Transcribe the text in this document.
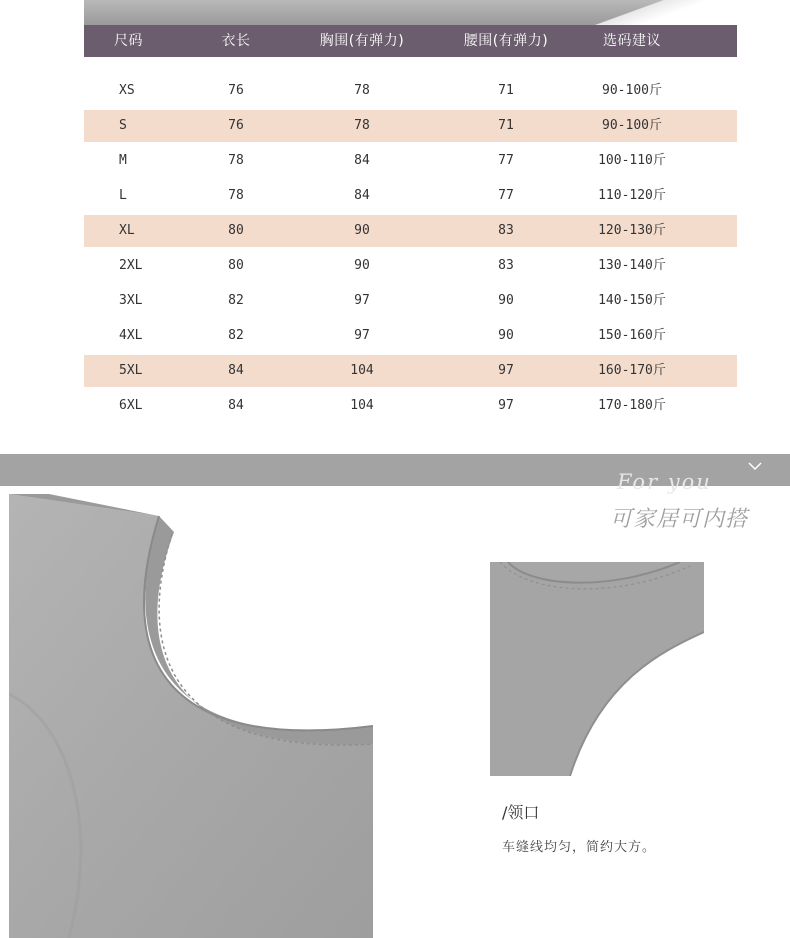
尺码	衣长	胸围(有弹力)	腰围(有弹力)	选码建议
XS	76	78	71	90-100斤
S	76	78	71	90-100斤
M	78	84	77	100-110斤
L	78	84	77	110-120斤
XL	80	90	83	120-130斤
2XL	80	90	83	130-140斤
3XL	82	97	90	140-150斤
4XL	82	97	90	150-160斤
5XL	84	104	97	160-170斤
6XL	84	104	97	170-180斤
For you
可家居可内搭
/领口
车缝线均匀，简约大方。
